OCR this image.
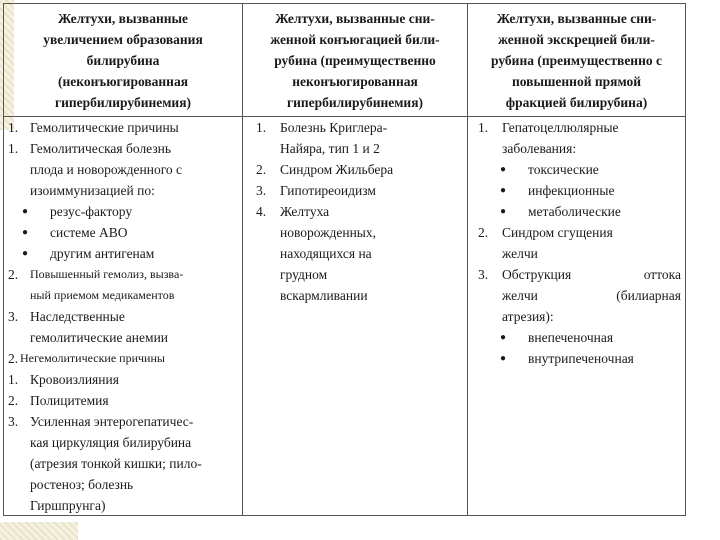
Желтухи, вызванные
увеличением образования
билирубина
(неконъюгированная
гипербилирубинемия)
Желтухи, вызванные сни-
женной конъюгацией били-
рубина (преимущественно
неконъюгированная
гипербилирубинемия)
Желтухи, вызванные сни-
женной экскрецией били-
рубина (преимущественно с
повышенной прямой
фракцией билирубина)
1. Гемолитические причины
1. Гемолитическая болезнь
плода и новорожденного с
изоиммунизацией по:
● резус-фактору
● системе АВО
● другим антигенам
2. Повышенный гемолиз, вызва-
ный приемом медикаментов
3. Наследственные
гемолитические анемии
2. Негемолитические причины
1. Кровоизлияния
2. Полицитемия
3. Усиленная энтерогепатичес-
кая циркуляция билирубина
(атрезия тонкой кишки; пило-
ростеноз; болезнь
Гиршпрунга)
1. Болезнь Криглера-
Найяра, тип 1 и 2
2. Синдром Жильбера
3. Гипотиреоидизм
4. Желтуха
новорожденных,
находящихся на
грудном
вскармливании
1. Гепатоцеллюлярные
заболевания:
● токсические
● инфекционные
● метаболические
2. Синдром сгущения
желчи
3. Обструкция оттока
желчи (билиарная
атрезия):
● внепеченочная
● внутрипеченочная
